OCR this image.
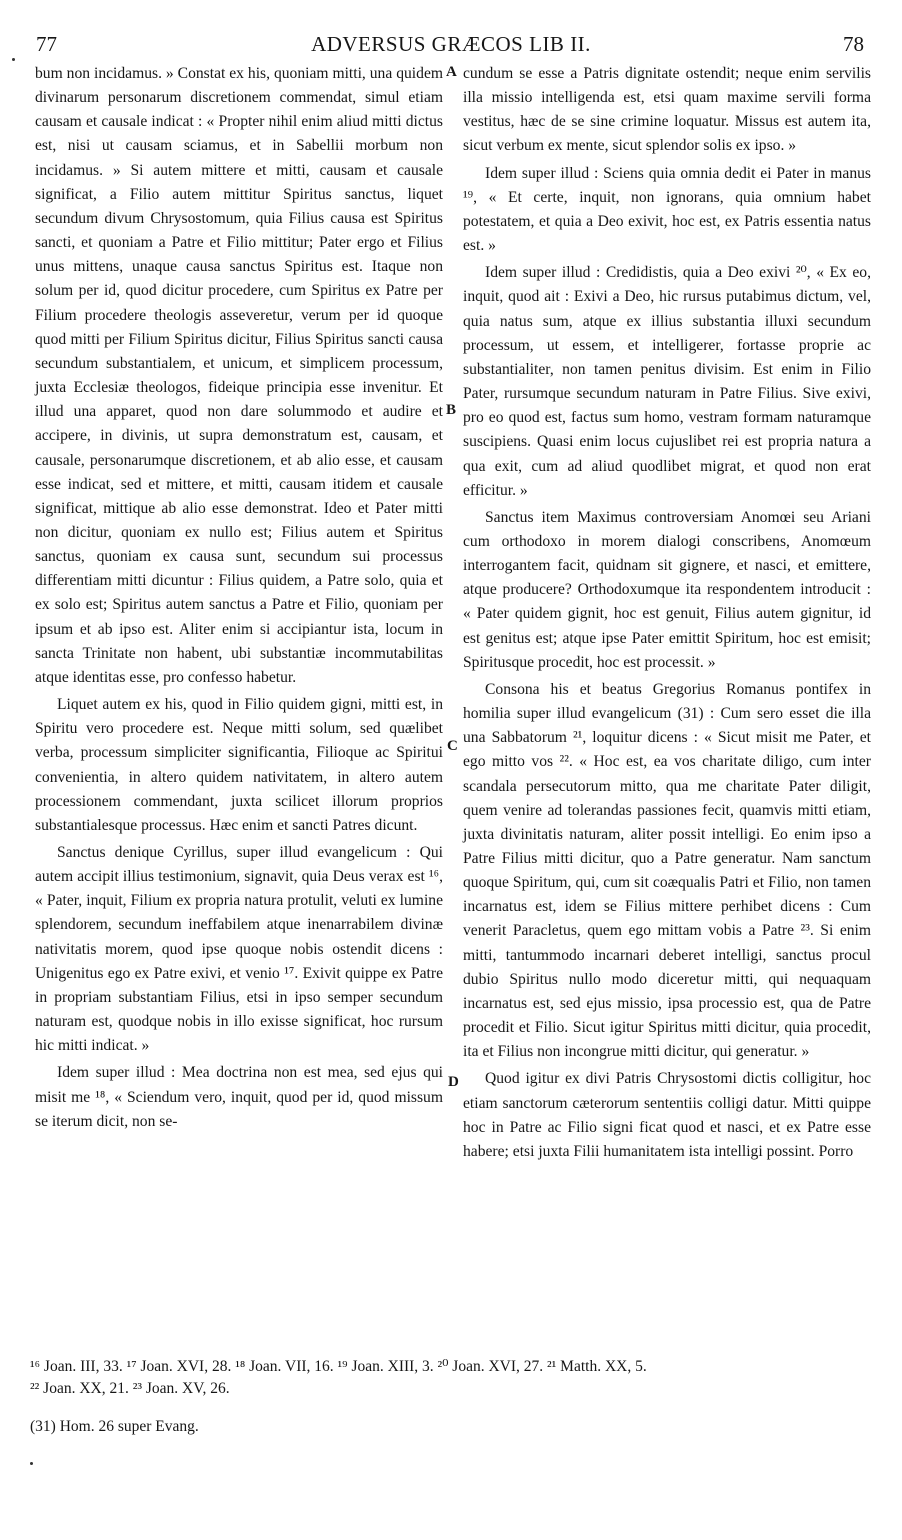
77	ADVERSUS GRÆCOS LIB II.	78

bum non incidamus. » Constat ex his, quoniam mitti, una quidem divinarum personarum discretionem commendat, simul etiam causam et causale indicat : « Propter nihil enim aliud mitti dictus est, nisi ut causam sciamus, et in Sabellii morbum non incidamus. » Si autem mittere et mitti, causam et causale significat, a Filio autem mittitur Spiritus sanctus, liquet secundum divum Chrysostomum, quia Filius causa est Spiritus sancti, et quoniam a Patre et Filio mittitur; Pater ergo et Filius unus mittens, unaque causa sanctus Spiritus est. Itaque non solum per id, quod dicitur procedere, cum Spiritus ex Patre per Filium procedere theologis asseveretur, verum per id quoque quod mitti per Filium Spiritus dicitur, Filius Spiritus sancti causa secundum substantialem, et unicum, et simplicem processum, juxta Ecclesiæ theologos, fideique principia esse invenitur. Et illud una apparet, quod non dare solummodo et audire et accipere, in divinis, ut supra demonstratum est, causam, et causale, personarumque discretionem, et ab alio esse, et causam esse indicat, sed et mittere, et mitti, causam itidem et causale significat, mittique ab alio esse demonstrat. Ideo et Pater mitti non dicitur, quoniam ex nullo est; Filius autem et Spiritus sanctus, quoniam ex causa sunt, secundum sui processus differentiam mitti dicuntur : Filius quidem, a Patre solo, quia et ex solo est; Spiritus autem sanctus a Patre et Filio, quoniam per ipsum et ab ipso est. Aliter enim si accipiantur ista, locum in sancta Trinitate non habent, ubi substantiæ incommutabilitas atque identitas esse, pro confesso habetur.

Liquet autem ex his, quod in Filio quidem gigni, mitti est, in Spiritu vero procedere est. Neque mitti solum, sed quælibet verba, processum simpliciter significantia, Filioque ac Spiritui convenientia, in altero quidem nativitatem, in altero autem processionem commendant, juxta scilicet illorum proprios substantialesque processus. Hæc enim et sancti Patres dicunt.

Sanctus denique Cyrillus, super illud evangelicum : Qui autem accipit illius testimonium, signavit, quia Deus verax est ¹⁶, « Pater, inquit, Filium ex propria natura protulit, veluti ex lumine splendorem, secundum ineffabilem atque inenarrabilem divinæ nativitatis morem, quod ipse quoque nobis ostendit dicens : Unigenitus ego ex Patre exivi, et venio ¹⁷. Exivit quippe ex Patre in propriam substantiam Filius, etsi in ipso semper secundum naturam est, quodque nobis in illo exisse significat, hoc rursum hic mitti indicat. »

Idem super illud : Mea doctrina non est mea, sed ejus qui misit me ¹⁸, « Sciendum vero, inquit, quod per id, quod missum se iterum dicit, non se-

A
B
C
D

cundum se esse a Patris dignitate ostendit; neque enim servilis illa missio intelligenda est, etsi quam maxime servili forma vestitus, hæc de se sine crimine loquatur. Missus est autem ita, sicut verbum ex mente, sicut splendor solis ex ipso. »

Idem super illud : Sciens quia omnia dedit ei Pater in manus ¹⁹, « Et certe, inquit, non ignorans, quia omnium habet potestatem, et quia a Deo exivit, hoc est, ex Patris essentia natus est. »

Idem super illud : Credidistis, quia a Deo exivi ²⁰, « Ex eo, inquit, quod ait : Exivi a Deo, hic rursus putabimus dictum, vel, quia natus sum, atque ex illius substantia illuxi secundum processum, ut essem, et intelligerer, fortasse proprie ac substantialiter, non tamen penitus divisim. Est enim in Filio Pater, rursumque secundum naturam in Patre Filius. Sive exivi, pro eo quod est, factus sum homo, vestram formam naturamque suscipiens. Quasi enim locus cujuslibet rei est propria natura a qua exit, cum ad aliud quodlibet migrat, et quod non erat efficitur. »

Sanctus item Maximus controversiam Anomœi seu Ariani cum orthodoxo in morem dialogi conscribens, Anomœum interrogantem facit, quidnam sit gignere, et nasci, et emittere, atque producere? Orthodoxumque ita respondentem introducit : « Pater quidem gignit, hoc est genuit, Filius autem gignitur, id est genitus est; atque ipse Pater emittit Spiritum, hoc est emisit; Spiritusque procedit, hoc est processit. »

Consona his et beatus Gregorius Romanus pontifex in homilia super illud evangelicum (31) : Cum sero esset die illa una Sabbatorum ²¹, loquitur dicens : « Sicut misit me Pater, et ego mitto vos ²². « Hoc est, ea vos charitate diligo, cum inter scandala persecutorum mitto, qua me charitate Pater diligit, quem venire ad tolerandas passiones fecit, quamvis mitti etiam, juxta divinitatis naturam, aliter possit intelligi. Eo enim ipso a Patre Filius mitti dicitur, quo a Patre generatur. Nam sanctum quoque Spiritum, qui, cum sit coæqualis Patri et Filio, non tamen incarnatus est, idem se Filius mittere perhibet dicens : Cum venerit Paracletus, quem ego mittam vobis a Patre ²³. Si enim mitti, tantummodo incarnari deberet intelligi, sanctus procul dubio Spiritus nullo modo diceretur mitti, qui nequaquam incarnatus est, sed ejus missio, ipsa processio est, qua de Patre procedit et Filio. Sicut igitur Spiritus mitti dicitur, quia procedit, ita et Filius non incongrue mitti dicitur, qui generatur. »

Quod igitur ex divi Patris Chrysostomi dictis colligitur, hoc etiam sanctorum cæterorum sententiis colligi datur. Mitti quippe hoc in Patre ac Filio signi ficat quod et nasci, et ex Patre esse habere; etsi juxta Filii humanitatem ista intelligi possint. Porro

¹⁶ Joan. III, 33. ¹⁷ Joan. XVI, 28. ¹⁸ Joan. VII, 16. ¹⁹ Joan. XIII, 3. ²⁰ Joan. XVI, 27. ²¹ Matth. XX, 5.
²² Joan. XX, 21. ²³ Joan. XV, 26.
(31) Hom. 26 super Evang.
